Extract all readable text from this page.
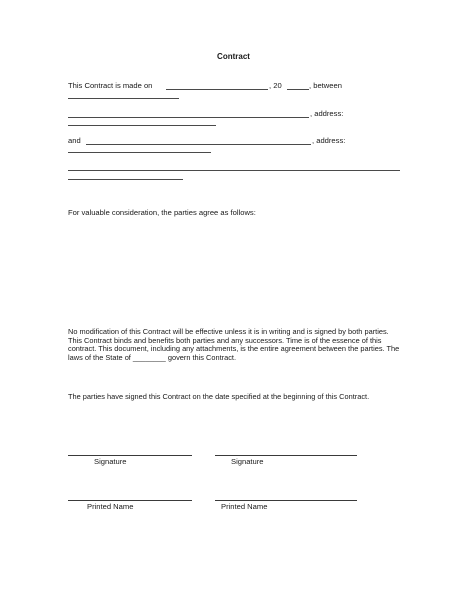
Contract
This Contract is made on	, 20	, between
, address:
and	, address:
For valuable consideration, the parties agree as follows:
No modification of this Contract will be effective unless it is in writing and is signed by both parties. This Contract binds and benefits both parties and any successors. Time is of the essence of this contract. This document, including any attachments, is the entire agreement between the parties. The laws of the State of ________ govern this Contract.
The parties have signed this Contract on the date specified at the beginning of this Contract.
Signature	Signature
Printed Name	Printed Name
